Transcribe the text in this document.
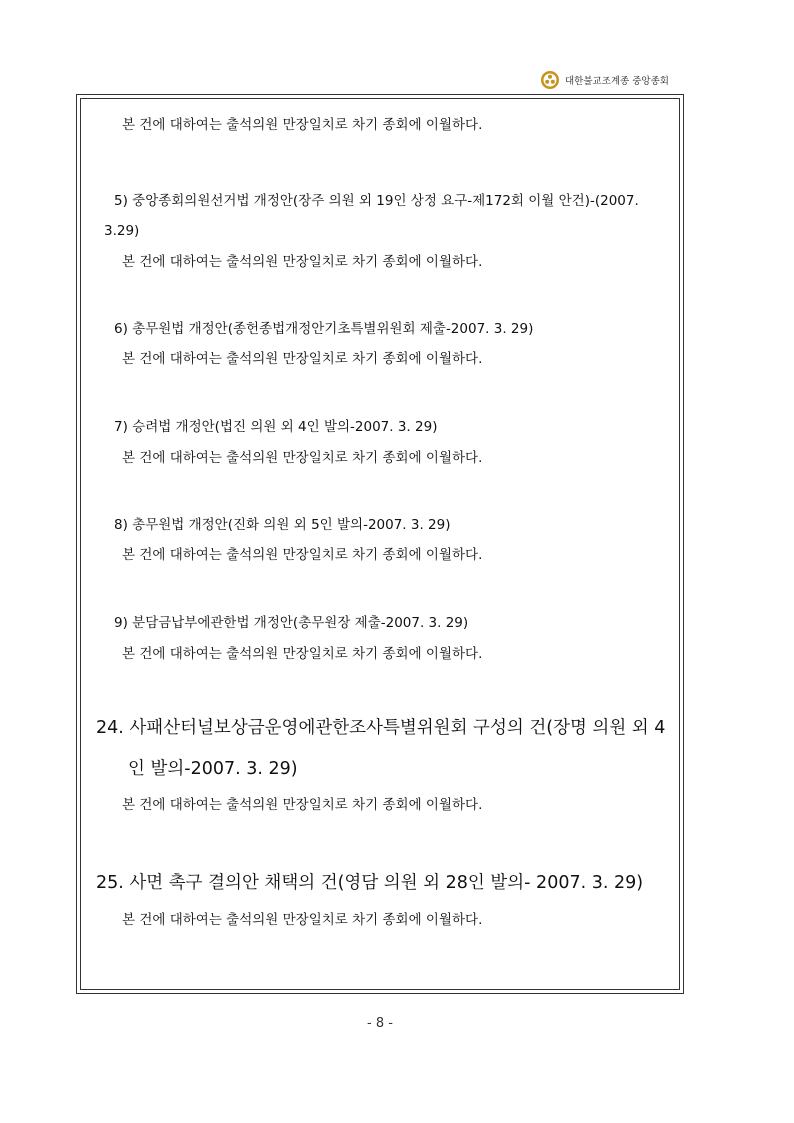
대한불교조계종 중앙종회
본 건에 대하여는 출석의원 만장일치로 차기 종회에 이월하다.
5) 중앙종회의원선거법 개정안(장주 의원 외 19인 상정 요구-제172회 이월 안건)-(2007.
3.29)
본 건에 대하여는 출석의원 만장일치로 차기 종회에 이월하다.
6) 총무원법 개정안(종헌종법개정안기초특별위원회 제출-2007. 3. 29)
본 건에 대하여는 출석의원 만장일치로 차기 종회에 이월하다.
7) 승려법 개정안(법진 의원 외 4인 발의-2007. 3. 29)
본 건에 대하여는 출석의원 만장일치로 차기 종회에 이월하다.
8) 총무원법 개정안(진화 의원 외 5인 발의-2007. 3. 29)
본 건에 대하여는 출석의원 만장일치로 차기 종회에 이월하다.
9) 분담금납부에관한법 개정안(총무원장 제출-2007. 3. 29)
본 건에 대하여는 출석의원 만장일치로 차기 종회에 이월하다.
24. 사패산터널보상금운영에관한조사특별위원회 구성의 건(장명 의원 외 4
인 발의-2007. 3. 29)
본 건에 대하여는 출석의원 만장일치로 차기 종회에 이월하다.
25. 사면 촉구 결의안 채택의 건(영담 의원 외 28인 발의- 2007. 3. 29)
본 건에 대하여는 출석의원 만장일치로 차기 종회에 이월하다.
- 8 -
